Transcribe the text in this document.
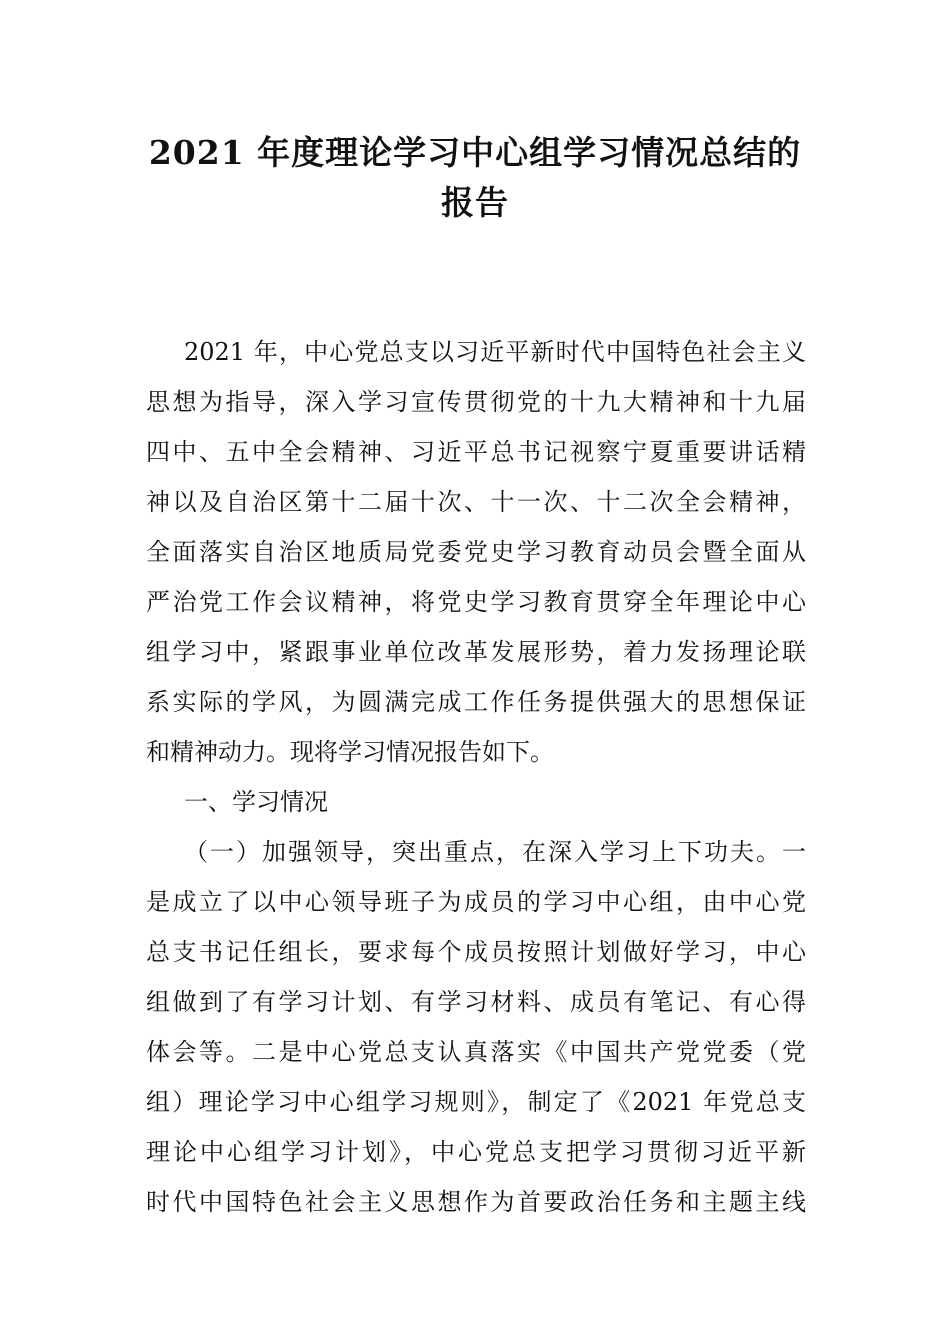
2021 年度理论学习中心组学习情况总结的
报告
2021 年，中心党总支以习近平新时代中国特色社会主义
思想为指导，深入学习宣传贯彻党的十九大精神和十九届
四中、五中全会精神、习近平总书记视察宁夏重要讲话精
神以及自治区第十二届十次、十一次、十二次全会精神，
全面落实自治区地质局党委党史学习教育动员会暨全面从
严治党工作会议精神，将党史学习教育贯穿全年理论中心
组学习中，紧跟事业单位改革发展形势，着力发扬理论联
系实际的学风，为圆满完成工作任务提供强大的思想保证
和精神动力。现将学习情况报告如下。
一、学习情况
（一）加强领导，突出重点，在深入学习上下功夫。一
是成立了以中心领导班子为成员的学习中心组，由中心党
总支书记任组长，要求每个成员按照计划做好学习，中心
组做到了有学习计划、有学习材料、成员有笔记、有心得
体会等。二是中心党总支认真落实《中国共产党党委（党
组）理论学习中心组学习规则》，制定了《2021 年党总支
理论中心组学习计划》，中心党总支把学习贯彻习近平新
时代中国特色社会主义思想作为首要政治任务和主题主线
